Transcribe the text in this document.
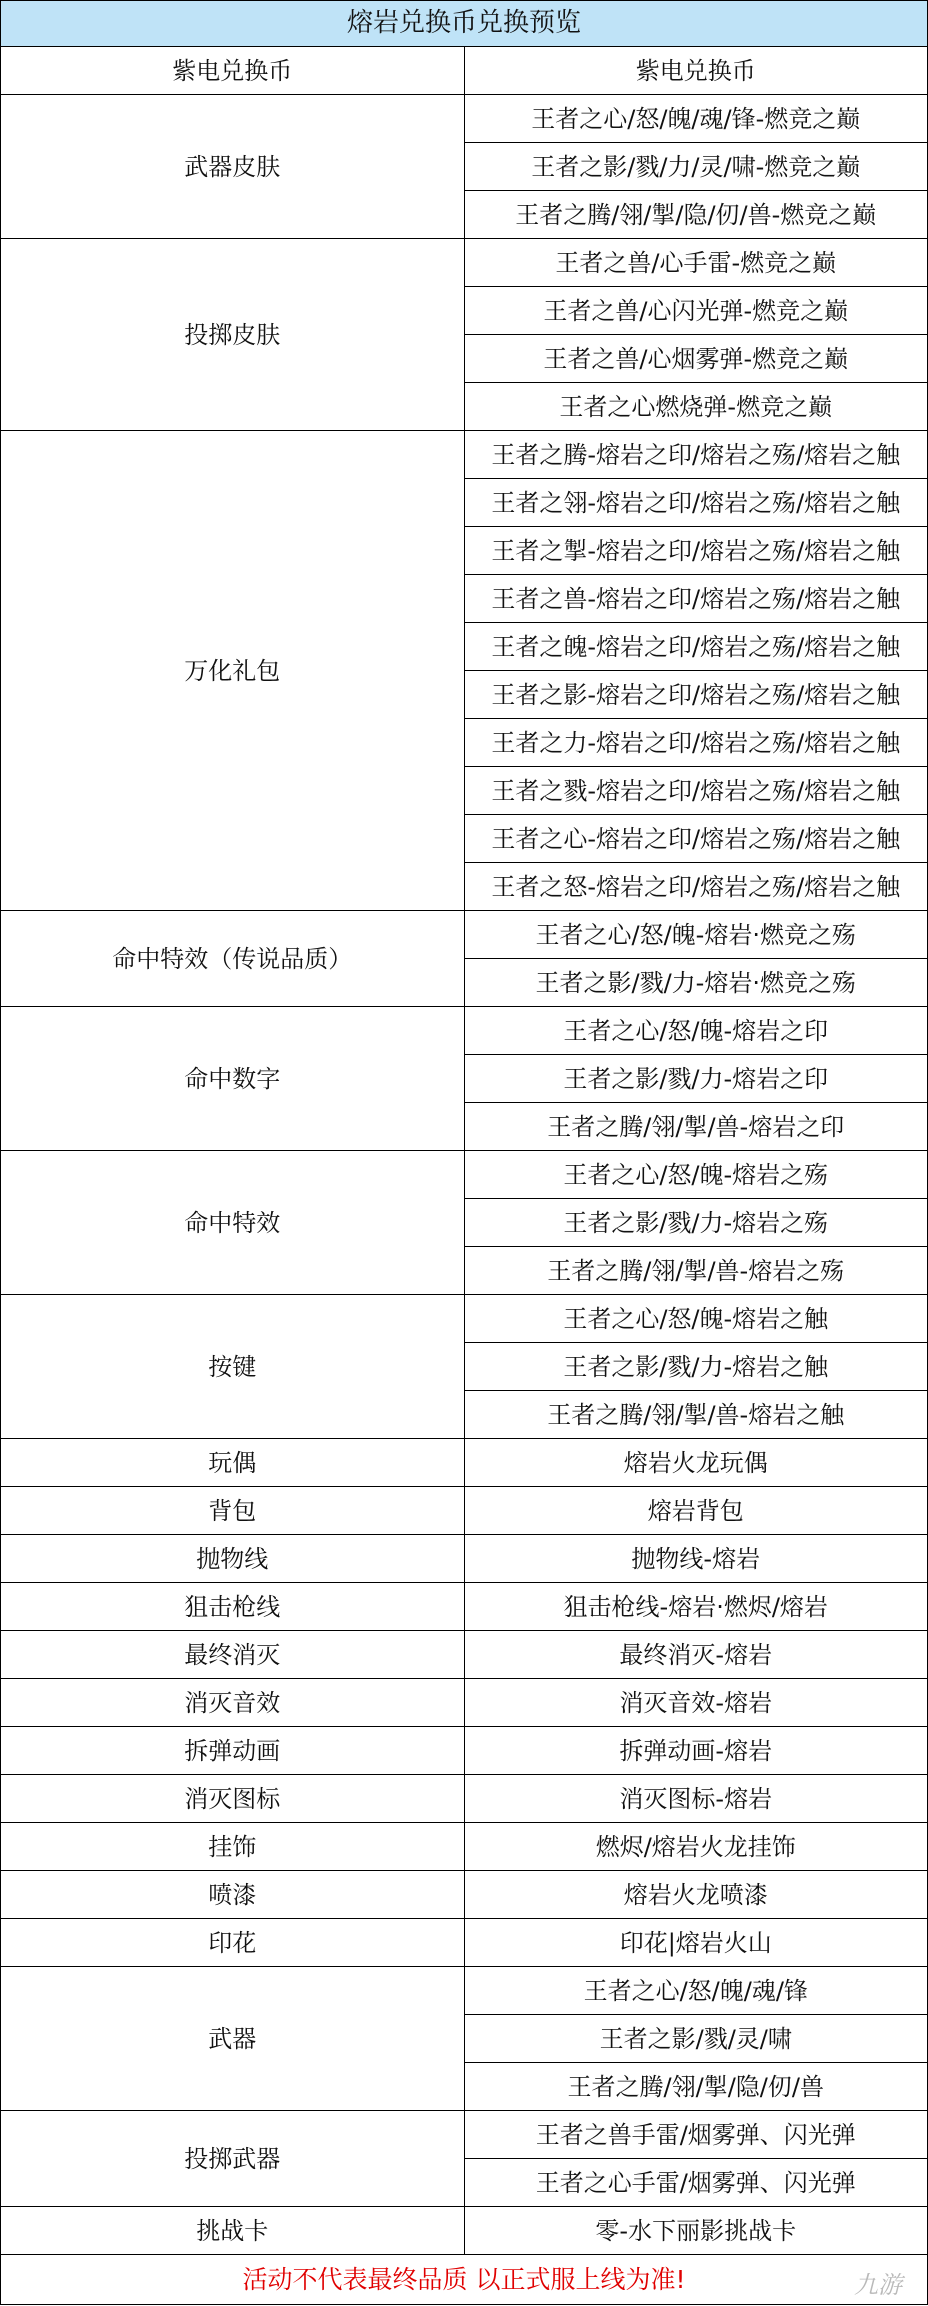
熔岩兑换币兑换预览	
紫电兑换币	紫电兑换币
武器皮肤	王者之心/怒/魄/魂/锋-燃竞之巅
	王者之影/戮/力/灵/啸-燃竞之巅
	王者之腾/翎/掣/隐/仞/兽-燃竞之巅
投掷皮肤	王者之兽/心手雷-燃竞之巅
	王者之兽/心闪光弹-燃竞之巅
	王者之兽/心烟雾弹-燃竞之巅
	王者之心燃烧弹-燃竞之巅
万化礼包	王者之腾-熔岩之印/熔岩之殇/熔岩之触
	王者之翎-熔岩之印/熔岩之殇/熔岩之触
	王者之掣-熔岩之印/熔岩之殇/熔岩之触
	王者之兽-熔岩之印/熔岩之殇/熔岩之触
	王者之魄-熔岩之印/熔岩之殇/熔岩之触
	王者之影-熔岩之印/熔岩之殇/熔岩之触
	王者之力-熔岩之印/熔岩之殇/熔岩之触
	王者之戮-熔岩之印/熔岩之殇/熔岩之触
	王者之心-熔岩之印/熔岩之殇/熔岩之触
	王者之怒-熔岩之印/熔岩之殇/熔岩之触
命中特效（传说品质）	王者之心/怒/魄-熔岩·燃竞之殇
	王者之影/戮/力-熔岩·燃竞之殇
命中数字	王者之心/怒/魄-熔岩之印
	王者之影/戮/力-熔岩之印
	王者之腾/翎/掣/兽-熔岩之印
命中特效	王者之心/怒/魄-熔岩之殇
	王者之影/戮/力-熔岩之殇
	王者之腾/翎/掣/兽-熔岩之殇
按键	王者之心/怒/魄-熔岩之触
	王者之影/戮/力-熔岩之触
	王者之腾/翎/掣/兽-熔岩之触
玩偶	熔岩火龙玩偶
背包	熔岩背包
抛物线	抛物线-熔岩
狙击枪线	狙击枪线-熔岩·燃烬/熔岩
最终消灭	最终消灭-熔岩
消灭音效	消灭音效-熔岩
拆弹动画	拆弹动画-熔岩
消灭图标	消灭图标-熔岩
挂饰	燃烬/熔岩火龙挂饰
喷漆	熔岩火龙喷漆
印花	印花|熔岩火山
武器	王者之心/怒/魄/魂/锋
	王者之影/戮/灵/啸
	王者之腾/翎/掣/隐/仞/兽
投掷武器	王者之兽手雷/烟雾弹、闪光弹
	王者之心手雷/烟雾弹、闪光弹
挑战卡	零-水下丽影挑战卡
活动不代表最终品质 以正式服上线为准!		九游
